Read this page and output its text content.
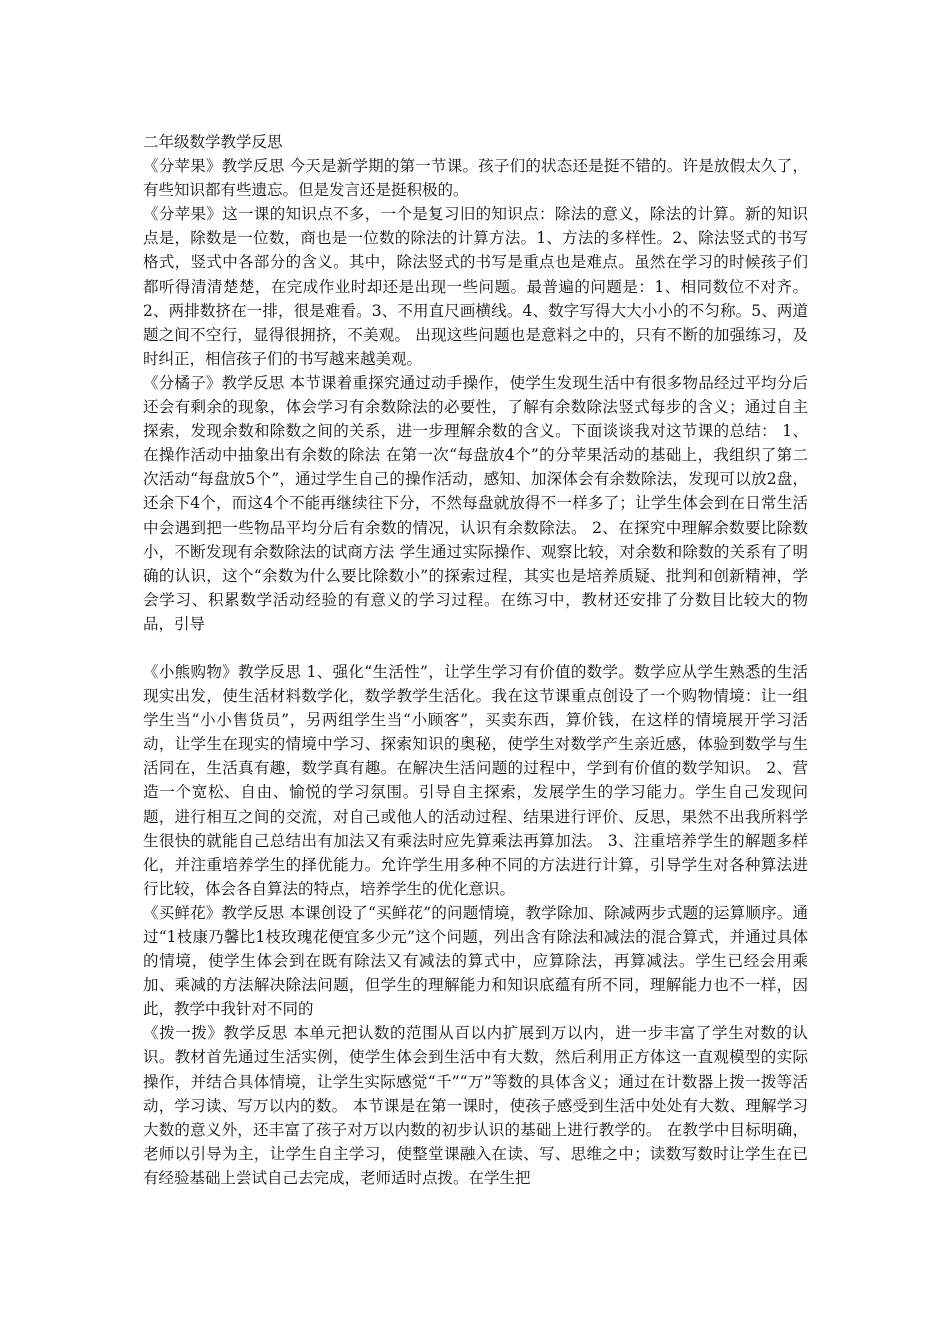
二年级数学教学反思

《分苹果》教学反思 今天是新学期的第一节课。孩子们的状态还是挺不错的。许是放假太久了，有些知识都有些遗忘。但是发言还是挺积极的。

《分苹果》这一课的知识点不多，一个是复习旧的知识点：除法的意义，除法的计算。新的知识点是，除数是一位数，商也是一位数的除法的计算方法。1、方法的多样性。2、除法竖式的书写格式，竖式中各部分的含义。其中，除法竖式的书写是重点也是难点。虽然在学习的时候孩子们都听得清清楚楚，在完成作业时却还是出现一些问题。最普遍的问题是：1、相同数位不对齐。2、两排数挤在一排，很是难看。3、不用直尺画横线。4、数字写得大大小小的不匀称。5、两道题之间不空行，显得很拥挤，不美观。 出现这些问题也是意料之中的，只有不断的加强练习，及时纠正，相信孩子们的书写越来越美观。

《分橘子》教学反思 本节课着重探究通过动手操作，使学生发现生活中有很多物品经过平均分后还会有剩余的现象，体会学习有余数除法的必要性，了解有余数除法竖式每步的含义；通过自主探索，发现余数和除数之间的关系，进一步理解余数的含义。下面谈谈我对这节课的总结： 1、在操作活动中抽象出有余数的除法 在第一次“每盘放4个”的分苹果活动的基础上，我组织了第二次活动“每盘放5个”，通过学生自己的操作活动，感知、加深体会有余数除法，发现可以放2盘，还余下4个，而这4个不能再继续往下分，不然每盘就放得不一样多了；让学生体会到在日常生活中会遇到把一些物品平均分后有余数的情况，认识有余数除法。 2、在探究中理解余数要比除数小，不断发现有余数除法的试商方法 学生通过实际操作、观察比较，对余数和除数的关系有了明确的认识，这个“余数为什么要比除数小”的探索过程，其实也是培养质疑、批判和创新精神，学会学习、积累数学活动经验的有意义的学习过程。在练习中，教材还安排了分数目比较大的物品，引导

《小熊购物》教学反思 1、强化“生活性”，让学生学习有价值的数学。数学应从学生熟悉的生活现实出发，使生活材料数学化，数学教学生活化。我在这节课重点创设了一个购物情境：让一组学生当“小小售货员”，另两组学生当“小顾客”，买卖东西，算价钱，在这样的情境展开学习活动，让学生在现实的情境中学习、探索知识的奥秘，使学生对数学产生亲近感，体验到数学与生活同在，生活真有趣，数学真有趣。在解决生活问题的过程中，学到有价值的数学知识。 2、营造一个宽松、自由、愉悦的学习氛围。引导自主探索，发展学生的学习能力。学生自己发现问题，进行相互之间的交流，对自己或他人的活动过程、结果进行评价、反思，果然不出我所料学生很快的就能自己总结出有加法又有乘法时应先算乘法再算加法。 3、注重培养学生的解题多样化，并注重培养学生的择优能力。允许学生用多种不同的方法进行计算，引导学生对各种算法进行比较，体会各自算法的特点，培养学生的优化意识。

《买鲜花》教学反思 本课创设了“买鲜花”的问题情境，教学除加、除减两步式题的运算顺序。通过“1枝康乃馨比1枝玫瑰花便宜多少元”这个问题，列出含有除法和减法的混合算式，并通过具体的情境，使学生体会到在既有除法又有减法的算式中，应算除法，再算减法。学生已经会用乘加、乘减的方法解决除法问题，但学生的理解能力和知识底蕴有所不同，理解能力也不一样，因此，教学中我针对不同的

《拨一拨》教学反思 本单元把认数的范围从百以内扩展到万以内，进一步丰富了学生对数的认识。教材首先通过生活实例，使学生体会到生活中有大数，然后利用正方体这一直观模型的实际操作，并结合具体情境，让学生实际感觉“千”“万”等数的具体含义；通过在计数器上拨一拨等活动，学习读、写万以内的数。 本节课是在第一课时，使孩子感受到生活中处处有大数、理解学习大数的意义外，还丰富了孩子对万以内数的初步认识的基础上进行教学的。 在教学中目标明确，老师以引导为主，让学生自主学习，使整堂课融入在读、写、思维之中；读数写数时让学生在已有经验基础上尝试自己去完成，老师适时点拨。在学生把
